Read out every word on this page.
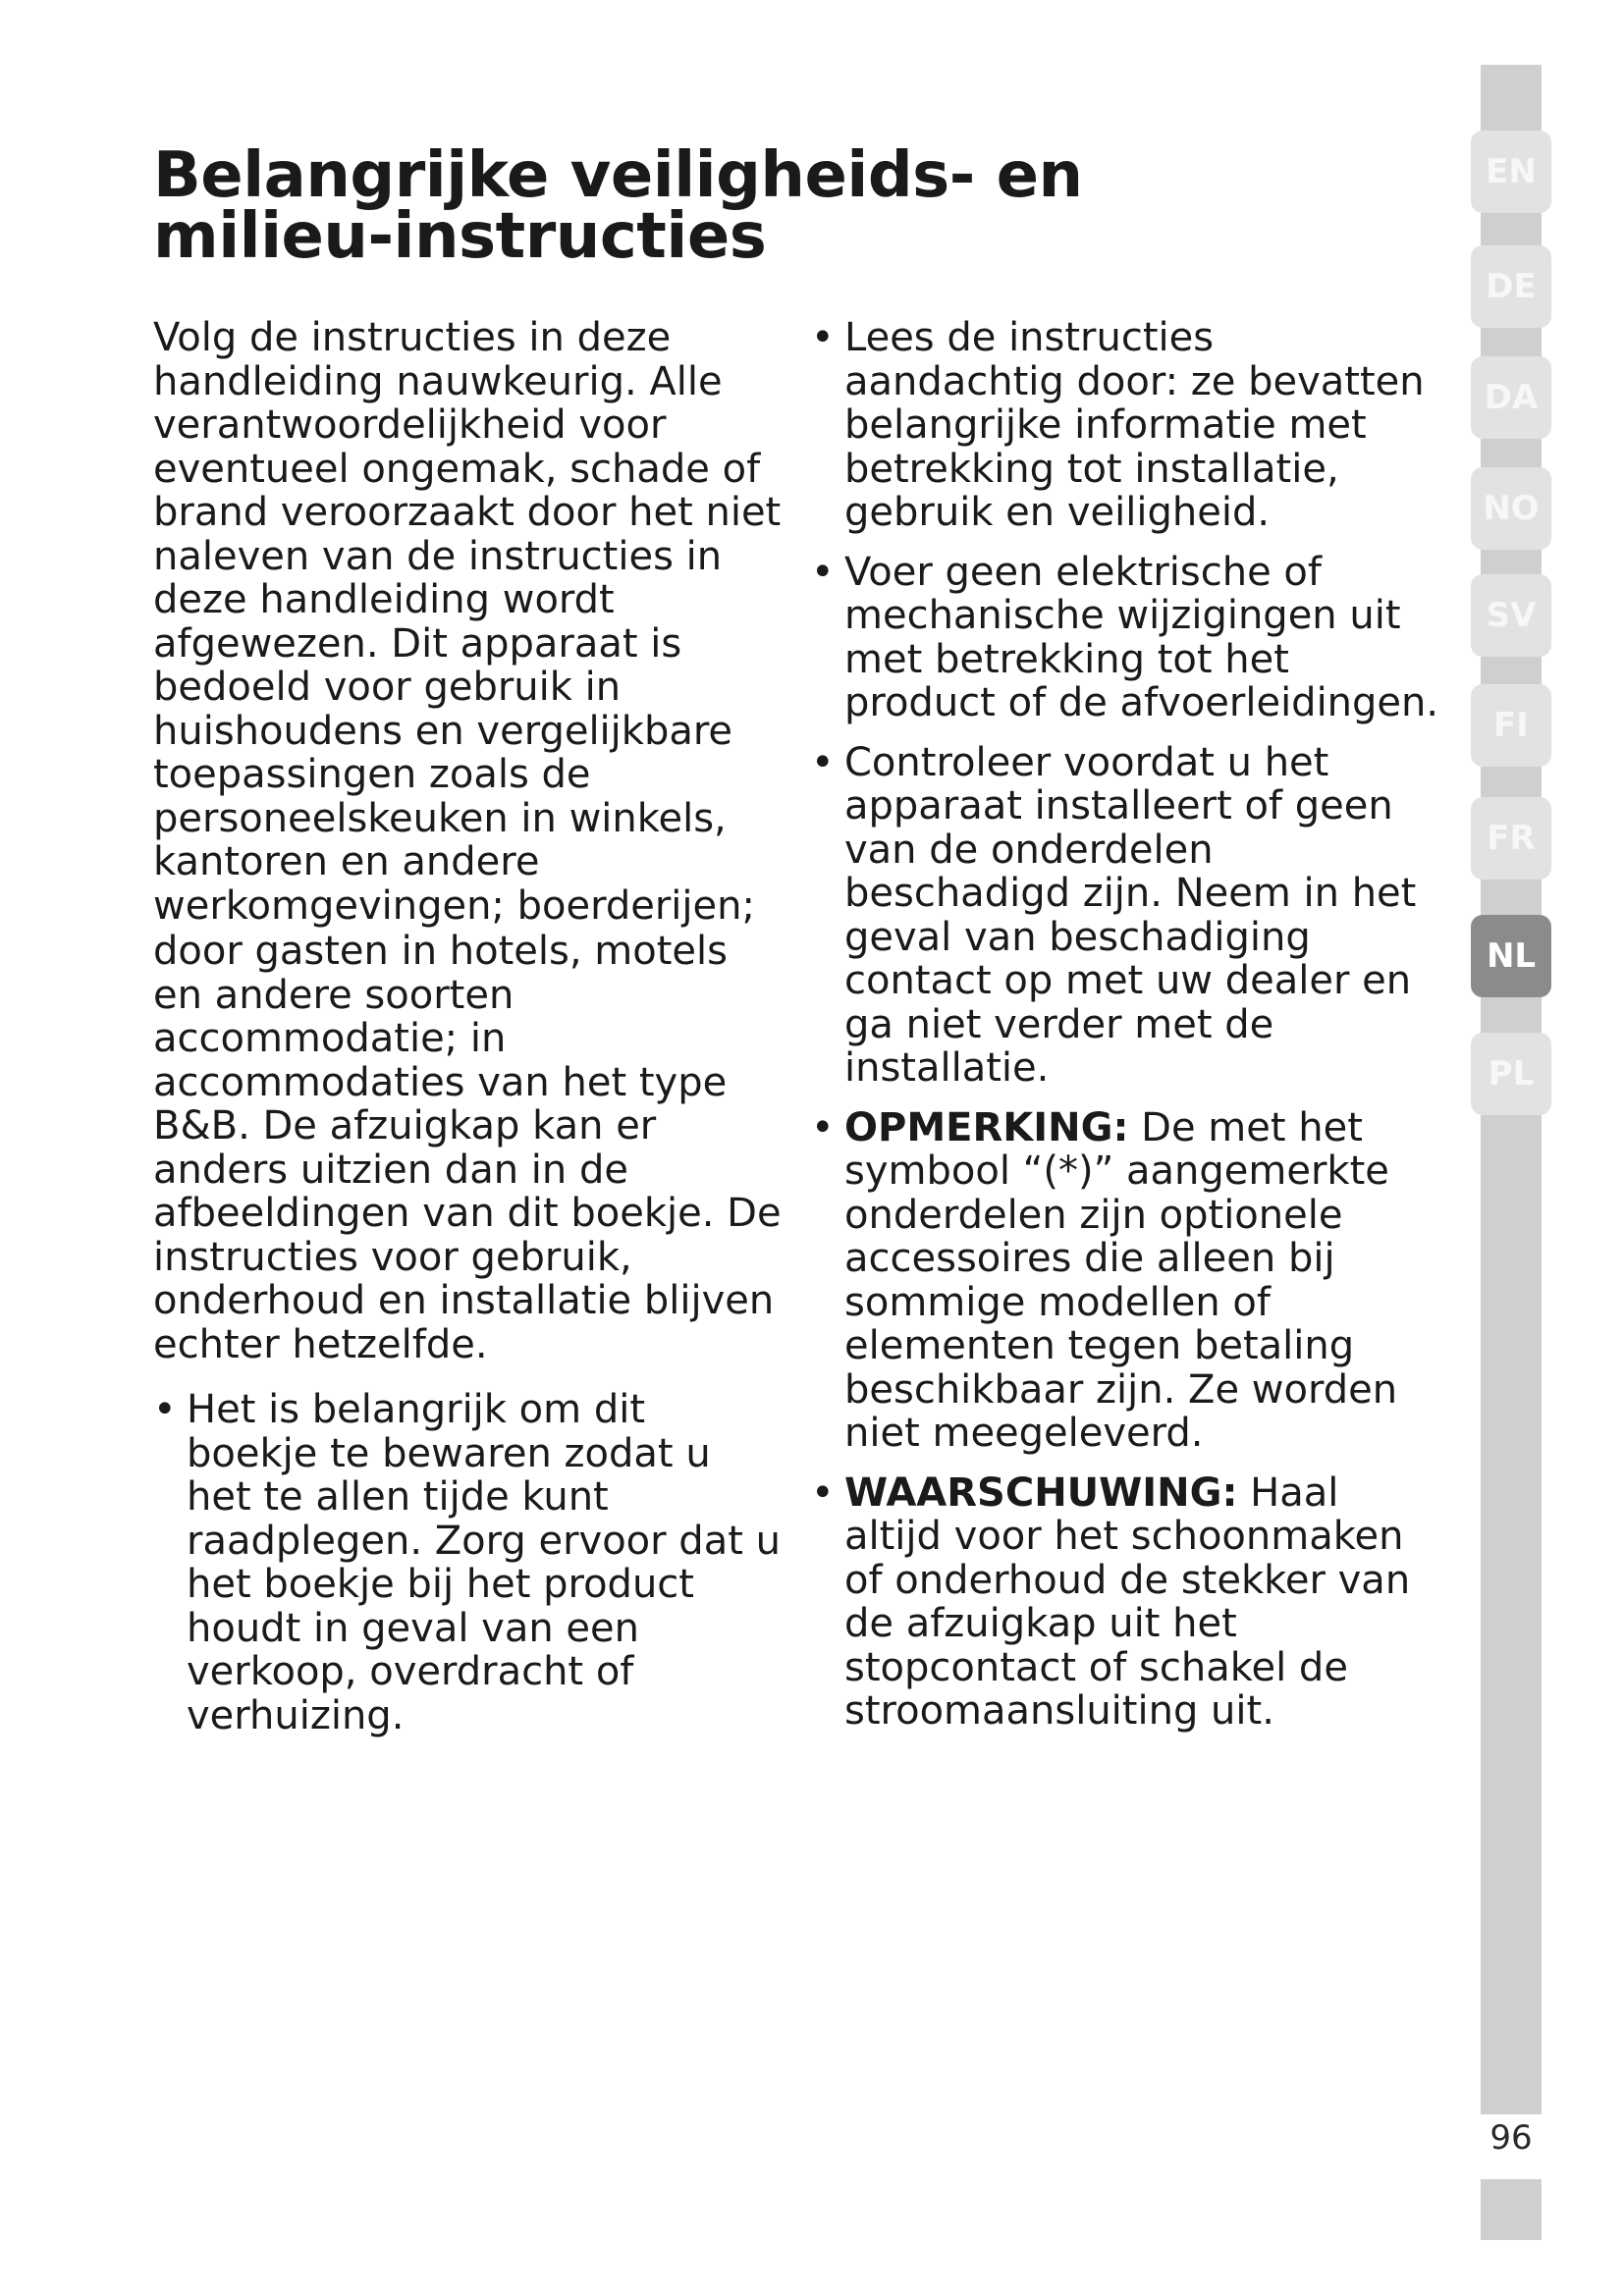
Belangrijke veiligheids- en milieu-instructies

Volg de instructies in deze handleiding nauwkeurig. Alle verantwoordelijkheid voor eventueel ongemak, schade of brand veroorzaakt door het niet naleven van de instructies in deze handleiding wordt afgewezen. Dit apparaat is bedoeld voor gebruik in huishoudens en vergelijkbare toepassingen zoals de personeelskeuken in winkels, kantoren en andere werkomgevingen; boerderijen;

door gasten in hotels, motels en andere soorten accommodatie; in accommodaties van het type B&B. De afzuigkap kan er anders uitzien dan in de afbeeldingen van dit boekje. De instructies voor gebruik, onderhoud en installatie blijven echter hetzelfde.

• Het is belangrijk om dit boekje te bewaren zodat u het te allen tijde kunt raadplegen. Zorg ervoor dat u het boekje bij het product houdt in geval van een verkoop, overdracht of verhuizing.
• Lees de instructies aandachtig door: ze bevatten belangrijke informatie met betrekking tot installatie, gebruik en veiligheid.
• Voer geen elektrische of mechanische wijzigingen uit met betrekking tot het product of de afvoerleidingen.
• Controleer voordat u het apparaat installeert of geen van de onderdelen beschadigd zijn. Neem in het geval van beschadiging contact op met uw dealer en ga niet verder met de installatie.
• OPMERKING: De met het symbool “(*)” aangemerkte onderdelen zijn optionele accessoires die alleen bij sommige modellen of elementen tegen betaling beschikbaar zijn. Ze worden niet meegeleverd.
• WAARSCHUWING: Haal altijd voor het schoonmaken of onderhoud de stekker van de afzuigkap uit het stopcontact of schakel de stroomaansluiting uit.
EN
DE
DA
NO
SV
FI
FR
NL
PL
96
